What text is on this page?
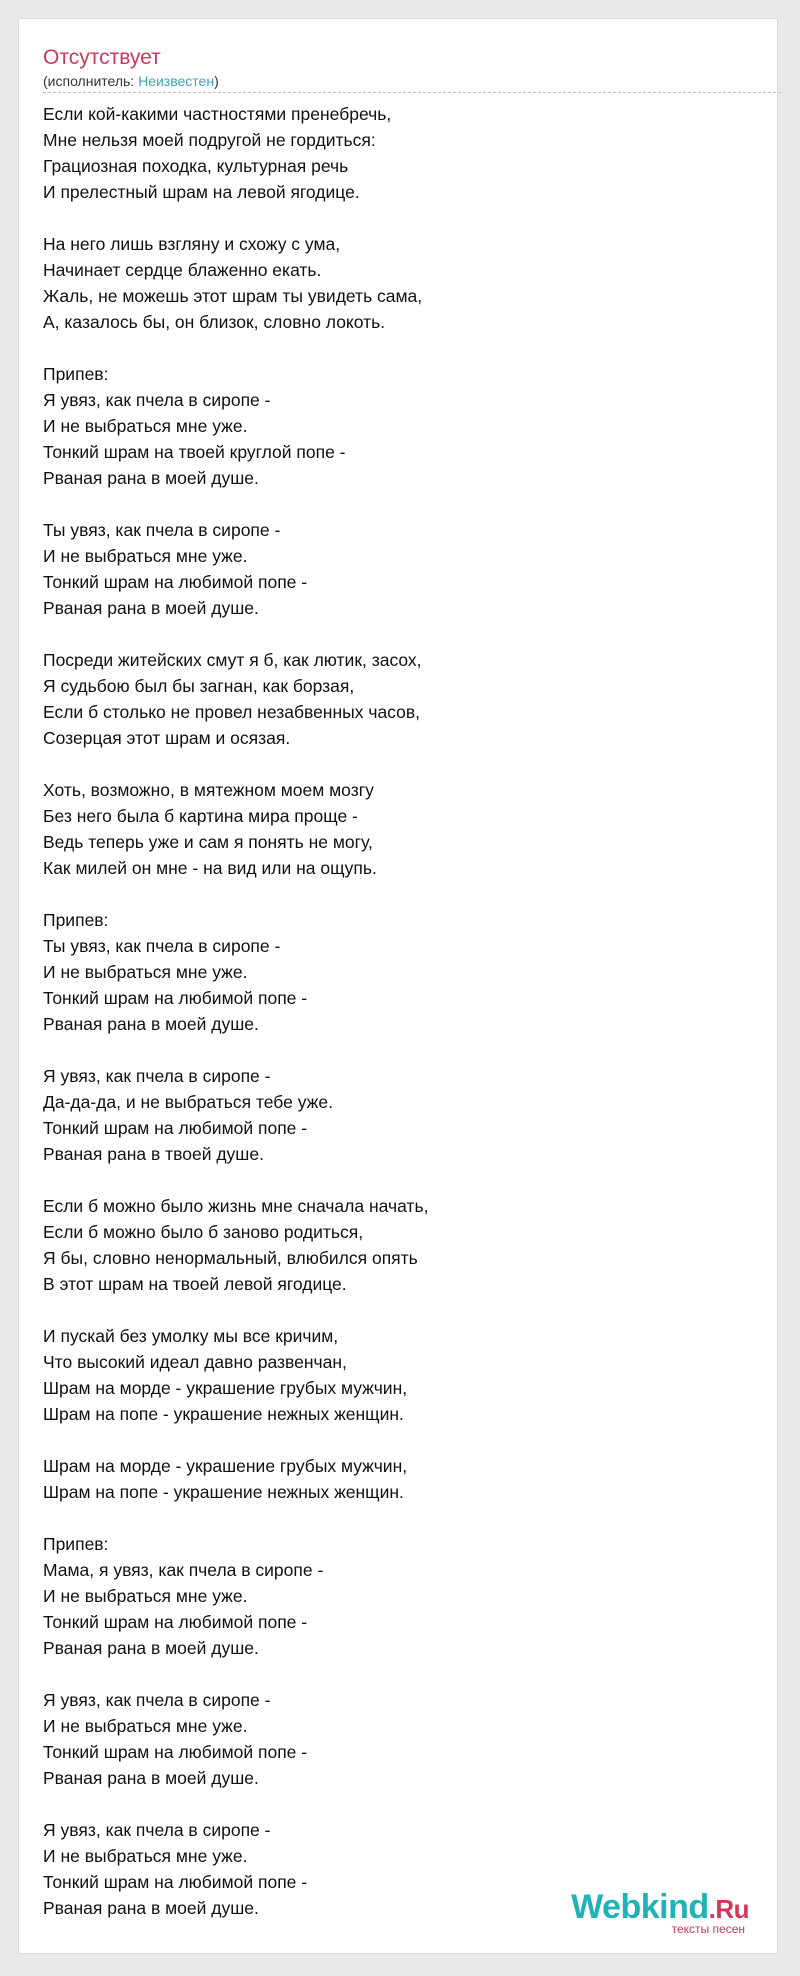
Отсутствует
(исполнитель: Неизвестен)
Если кой-какими частностями пренебречь,
Мне нельзя моей подругой не гордиться:
Грациозная походка, культурная речь
И прелестный шрам на левой ягодице.
На него лишь взгляну и схожу с ума,
Начинает сердце блаженно екать.
Жаль, не можешь этот шрам ты увидеть сама,
А, казалось бы, он близок, словно локоть.
Припев:
Я увяз, как пчела в сиропе -
И не выбраться мне уже.
Тонкий шрам на твоей круглой попе -
Рваная рана в моей душе.
Ты увяз, как пчела в сиропе -
И не выбраться мне уже.
Тонкий шрам на любимой попе -
Рваная рана в моей душе.
Посреди житейских смут я б, как лютик, засох,
Я судьбою был бы загнан, как борзая,
Если б столько не провел незабвенных часов,
Созерцая этот шрам и осязая.
Хоть, возможно, в мятежном моем мозгу
Без него была б картина мира проще -
Ведь теперь уже и сам я понять не могу,
Как милей он мне - на вид или на ощупь.
Припев:
Ты увяз, как пчела в сиропе -
И не выбраться мне уже.
Тонкий шрам на любимой попе -
Рваная рана в моей душе.
Я увяз, как пчела в сиропе -
Да-да-да, и не выбраться тебе уже.
Тонкий шрам на любимой попе -
Рваная рана в твоей душе.
Если б можно было жизнь мне сначала начать,
Если б можно было б заново родиться,
Я бы, словно ненормальный, влюбился опять
В этот шрам на твоей левой ягодице.
И пускай без умолку мы все кричим,
Что высокий идеал давно развенчан,
Шрам на морде - украшение грубых мужчин,
Шрам на попе - украшение нежных женщин.
Шрам на морде - украшение грубых мужчин,
Шрам на попе - украшение нежных женщин.
Припев:
Мама, я увяз, как пчела в сиропе -
И не выбраться мне уже.
Тонкий шрам на любимой попе -
Рваная рана в моей душе.
Я увяз, как пчела в сиропе -
И не выбраться мне уже.
Тонкий шрам на любимой попе -
Рваная рана в моей душе.
Я увяз, как пчела в сиропе -
И не выбраться мне уже.
Тонкий шрам на любимой попе -
Рваная рана в моей душе.	Webkind.Ru
тексты песен
